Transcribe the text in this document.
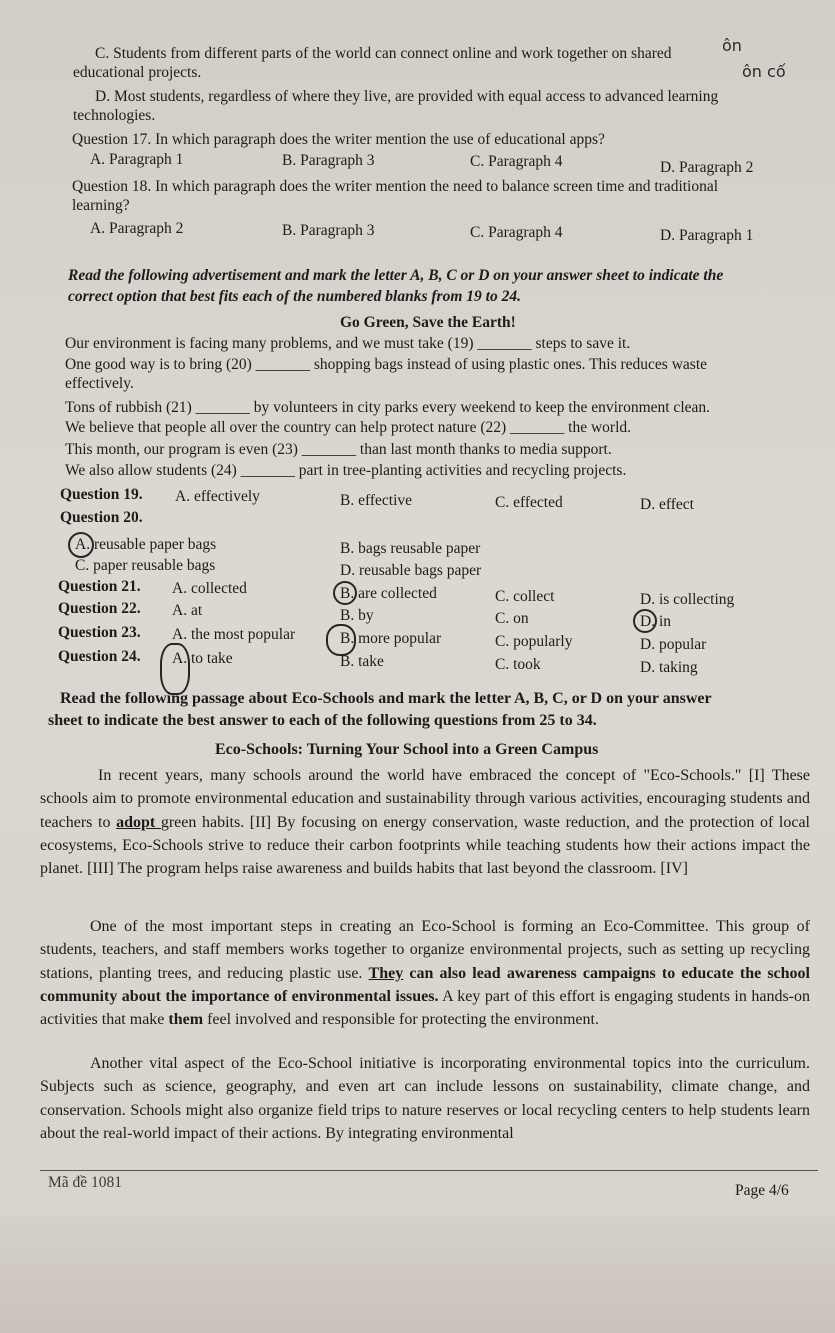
C. Students from different parts of the world can connect online and work together on shared
educational projects.
D. Most students, regardless of where they live, are provided with equal access to advanced learning
technologies.
ôn
ôn cố
Question 17. In which paragraph does the writer mention the use of educational apps?
A. Paragraph 1	B. Paragraph 3	C. Paragraph 4	D. Paragraph 2
Question 18. In which paragraph does the writer mention the need to balance screen time and traditional
learning?
A. Paragraph 2	B. Paragraph 3	C. Paragraph 4	D. Paragraph 1
Read the following advertisement and mark the letter A, B, C or D on your answer sheet to indicate the
correct option that best fits each of the numbered blanks from 19 to 24.
Go Green, Save the Earth!
Our environment is facing many problems, and we must take (19) _______ steps to save it.
One good way is to bring (20) _______ shopping bags instead of using plastic ones. This reduces waste
effectively.
Tons of rubbish (21) _______ by volunteers in city parks every weekend to keep the environment clean.
We believe that people all over the country can help protect nature (22) _______ the world.
This month, our program is even (23) _______ than last month thanks to media support.
We also allow students (24) _______ part in tree-planting activities and recycling projects.
Question 19. A. effectively	B. effective	C. effected	D. effect
Question 20.
A. reusable paper bags	B. bags reusable paper
C. paper reusable bags	D. reusable bags paper
Question 21. A. collected	B. are collected	C. collect	D. is collecting
Question 22. A. at	B. by	C. on	D. in
Question 23. A. the most popular	B. more popular	C. popularly	D. popular
Question 24. A. to take	B. take	C. took	D. taking
Read the following passage about Eco-Schools and mark the letter A, B, C, or D on your answer
sheet to indicate the best answer to each of the following questions from 25 to 34.
Eco-Schools: Turning Your School into a Green Campus
In recent years, many schools around the world have embraced the concept of "Eco-Schools." [I] These schools aim to promote environmental education and sustainability through various activities, encouraging students and teachers to adopt green habits. [II] By focusing on energy conservation, waste reduction, and the protection of local ecosystems, Eco-Schools strive to reduce their carbon footprints while teaching students how their actions impact the planet. [III] The program helps raise awareness and builds habits that last beyond the classroom. [IV]
One of the most important steps in creating an Eco-School is forming an Eco-Committee. This group of students, teachers, and staff members works together to organize environmental projects, such as setting up recycling stations, planting trees, and reducing plastic use. They can also lead awareness campaigns to educate the school community about the importance of environmental issues. A key part of this effort is engaging students in hands-on activities that make them feel involved and responsible for protecting the environment.
Another vital aspect of the Eco-School initiative is incorporating environmental topics into the curriculum. Subjects such as science, geography, and even art can include lessons on sustainability, climate change, and conservation. Schools might also organize field trips to nature reserves or local recycling centers to help students learn about the real-world impact of their actions. By integrating environmental
Mã đề 1081	Page 4/6
